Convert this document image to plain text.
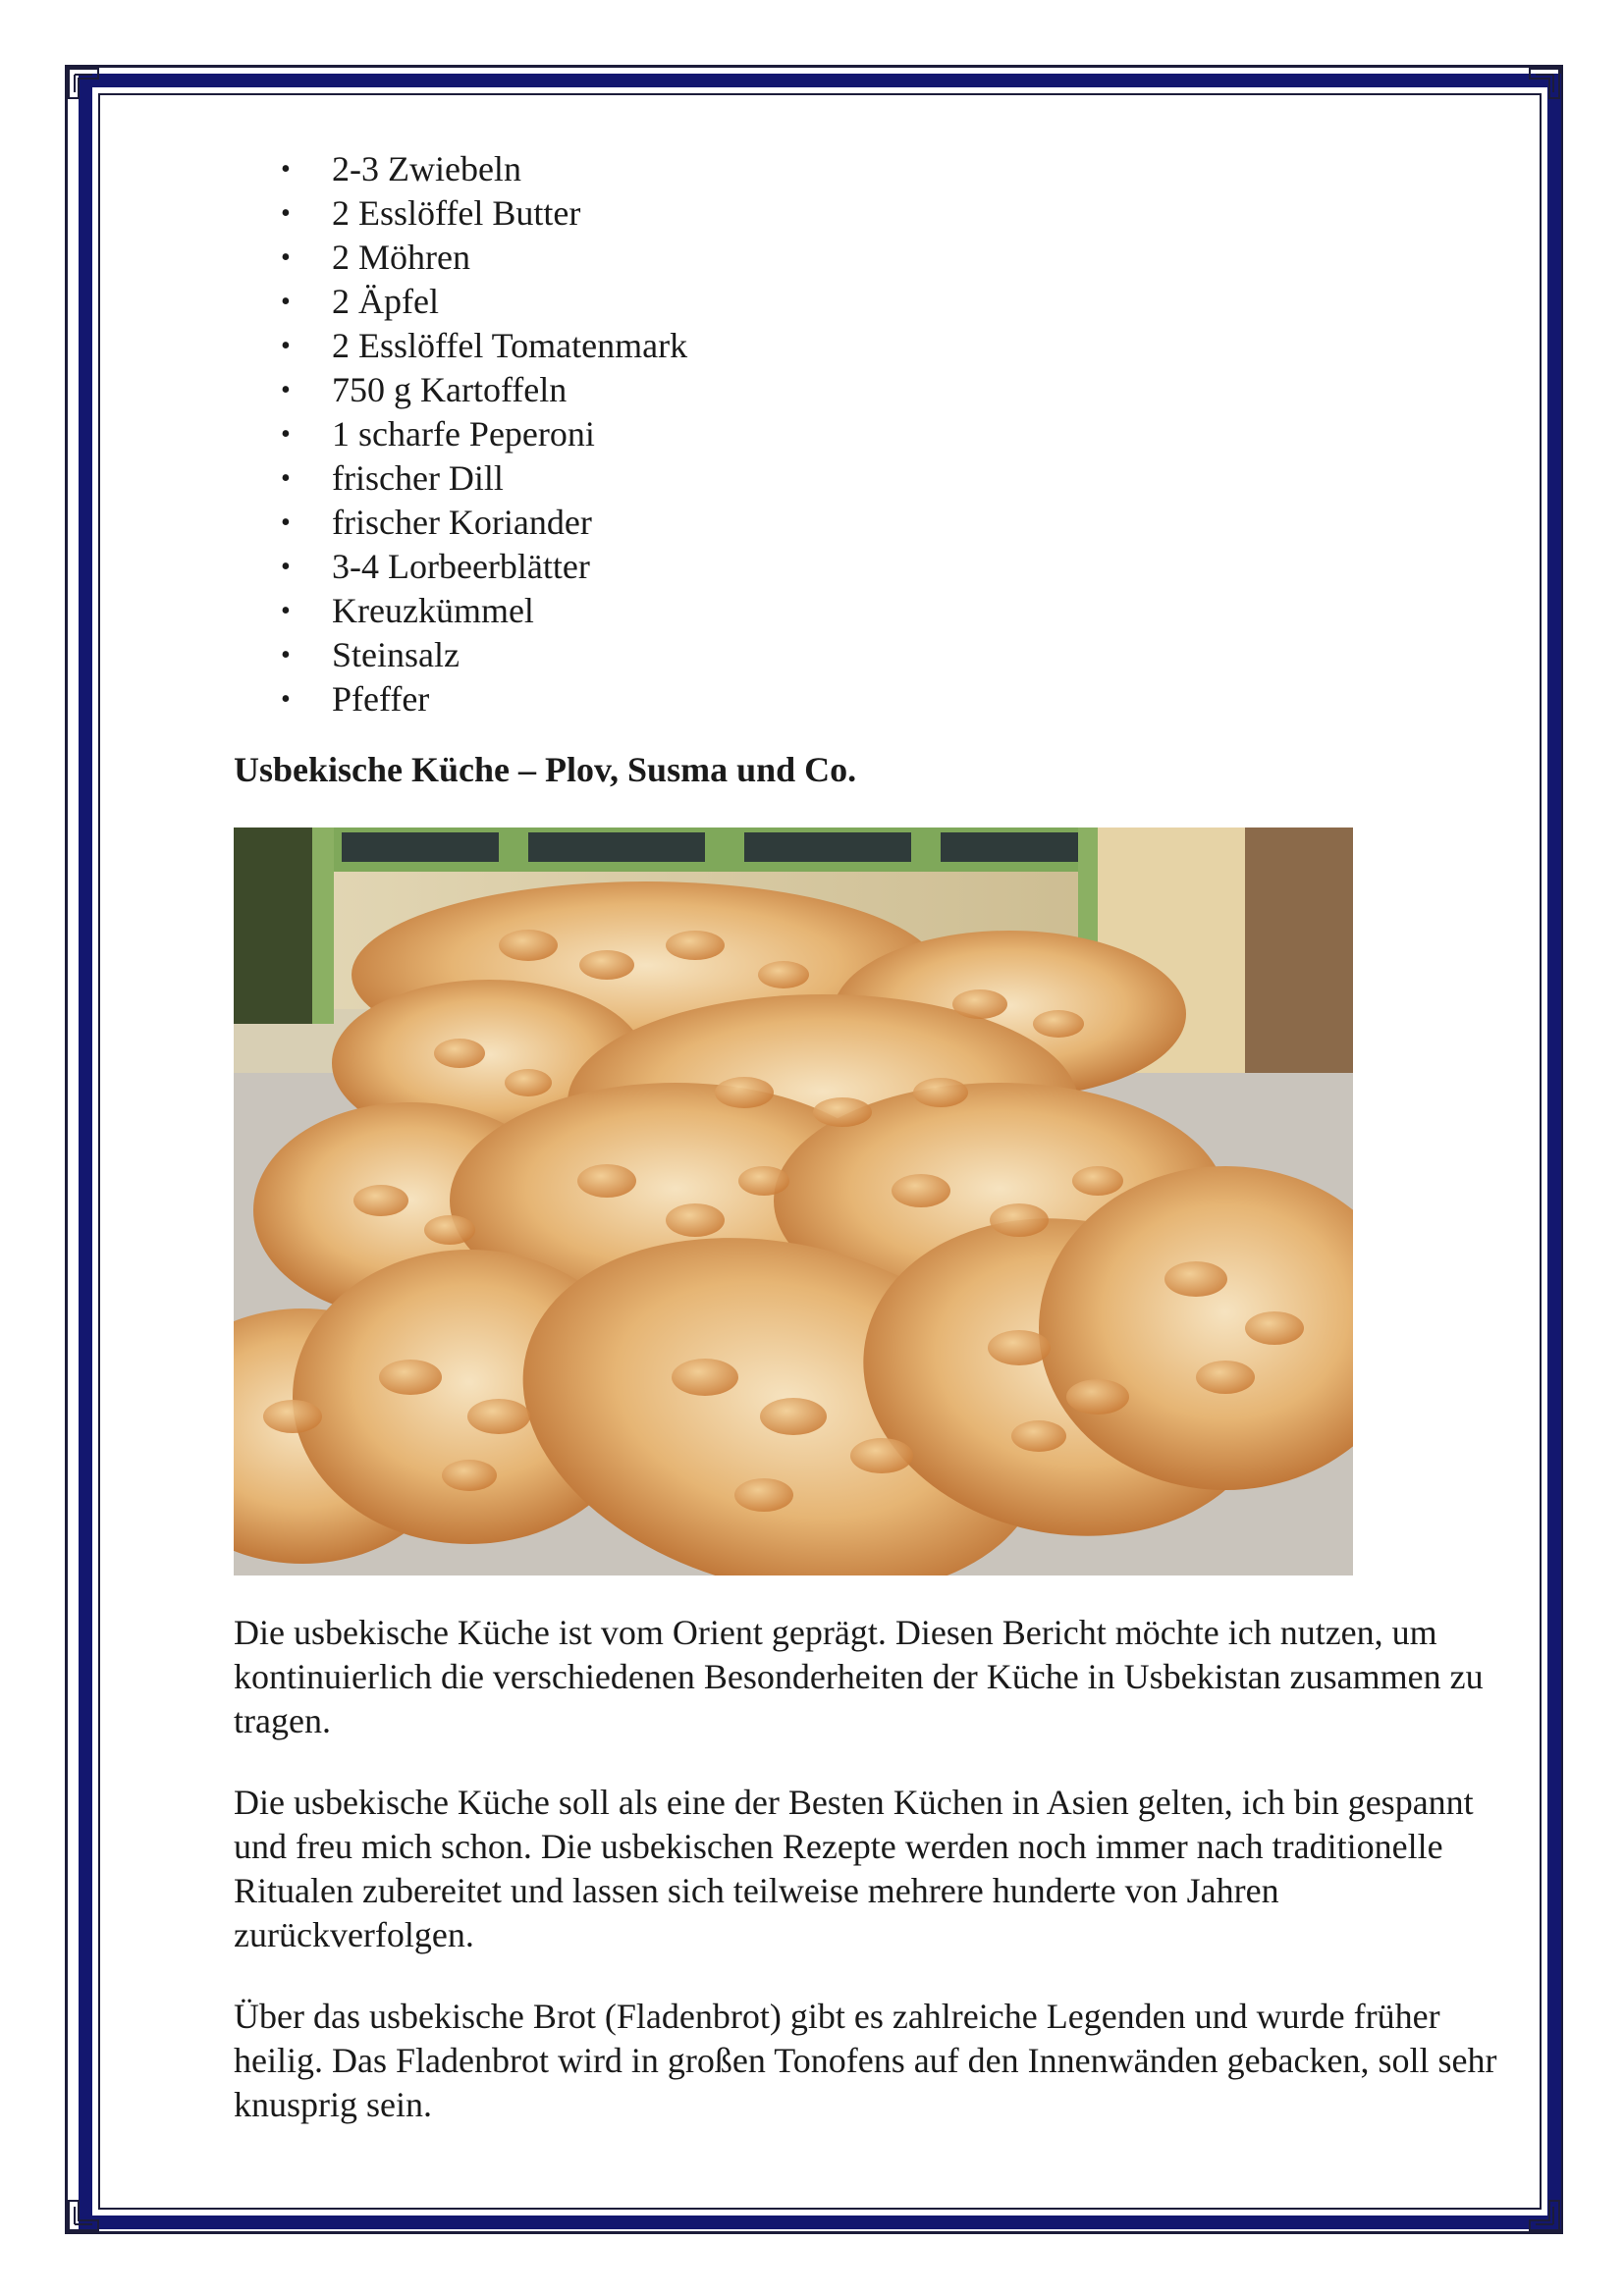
• 2-3 Zwiebeln
• 2 Esslöffel Butter
• 2 Möhren
• 2 Äpfel
• 2 Esslöffel Tomatenmark
• 750 g Kartoffeln
• 1 scharfe Peperoni
• frischer Dill
• frischer Koriander
• 3-4 Lorbeerblätter
• Kreuzkümmel
• Steinsalz
• Pfeffer
Usbekische Küche – Plov, Susma und Co.

Die usbekische Küche ist vom Orient geprägt. Diesen Bericht möchte ich nutzen, um kontinuierlich die verschiedenen Besonderheiten der Küche in Usbekistan zusammen zu tragen.

Die usbekische Küche soll als eine der Besten Küchen in Asien gelten, ich bin gespannt und freu mich schon. Die usbekischen Rezepte werden noch immer nach traditionelle Ritualen zubereitet und lassen sich teilweise mehrere hunderte von Jahren zurückverfolgen.

Über das usbekische Brot (Fladenbrot) gibt es zahlreiche Legenden und wurde früher heilig. Das Fladenbrot wird in großen Tonofens auf den Innenwänden gebacken, soll sehr knusprig sein.
